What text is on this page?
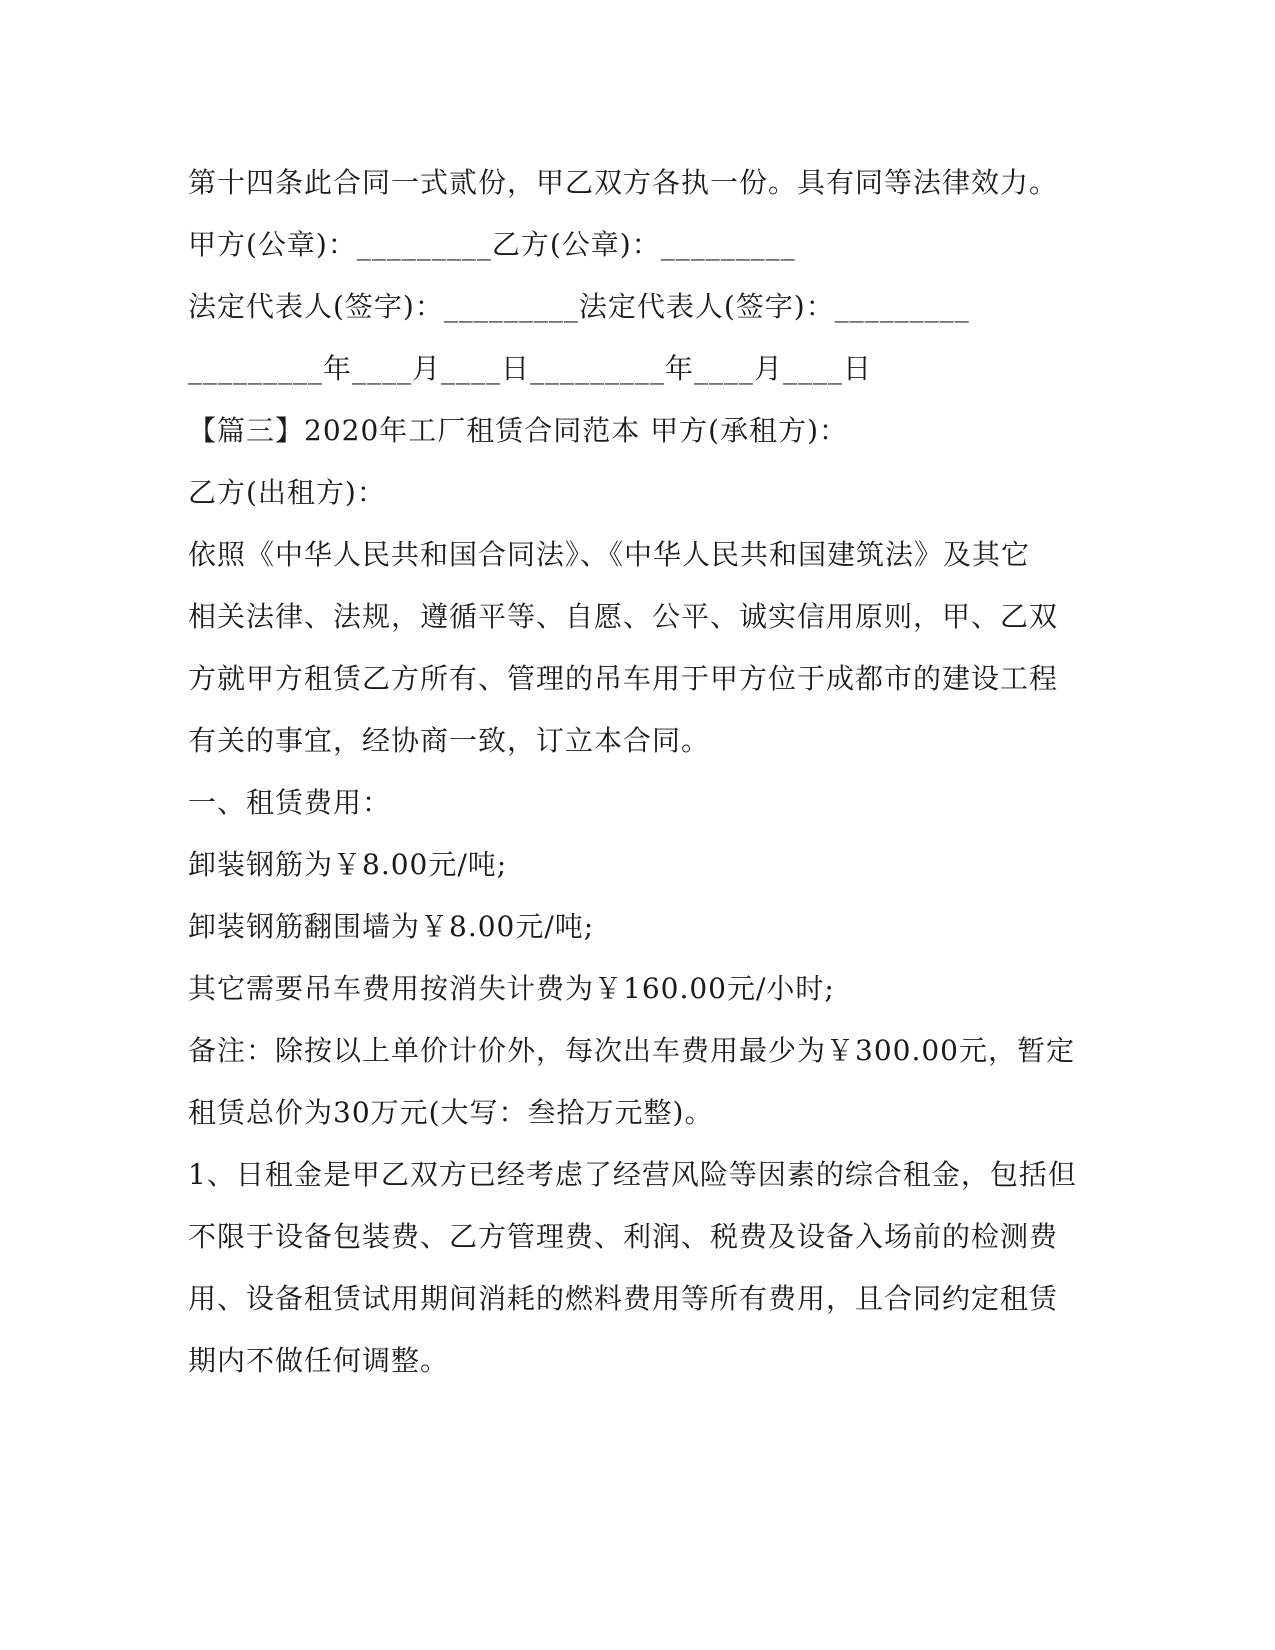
第十四条此合同一式贰份，甲乙双方各执一份。具有同等法律效力。
甲方(公章)：_________乙方(公章)：_________
法定代表人(签字)：_________法定代表人(签字)：_________
_________年____月____日_________年____月____日
【篇三】2020年工厂租赁合同范本 甲方(承租方)：
乙方(出租方)：
依照《中华人民共和国合同法》、《中华人民共和国建筑法》及其它
相关法律、法规，遵循平等、自愿、公平、诚实信用原则，甲、乙双
方就甲方租赁乙方所有、管理的吊车用于甲方位于成都市的建设工程
有关的事宜，经协商一致，订立本合同。
一、租赁费用：
卸装钢筋为￥8.00元/吨;
卸装钢筋翻围墙为￥8.00元/吨;
其它需要吊车费用按消失计费为￥160.00元/小时;
备注：除按以上单价计价外，每次出车费用最少为￥300.00元，暂定
租赁总价为30万元(大写：叁拾万元整)。
1、日租金是甲乙双方已经考虑了经营风险等因素的综合租金，包括但
不限于设备包装费、乙方管理费、利润、税费及设备入场前的检测费
用、设备租赁试用期间消耗的燃料费用等所有费用，且合同约定租赁
期内不做任何调整。
